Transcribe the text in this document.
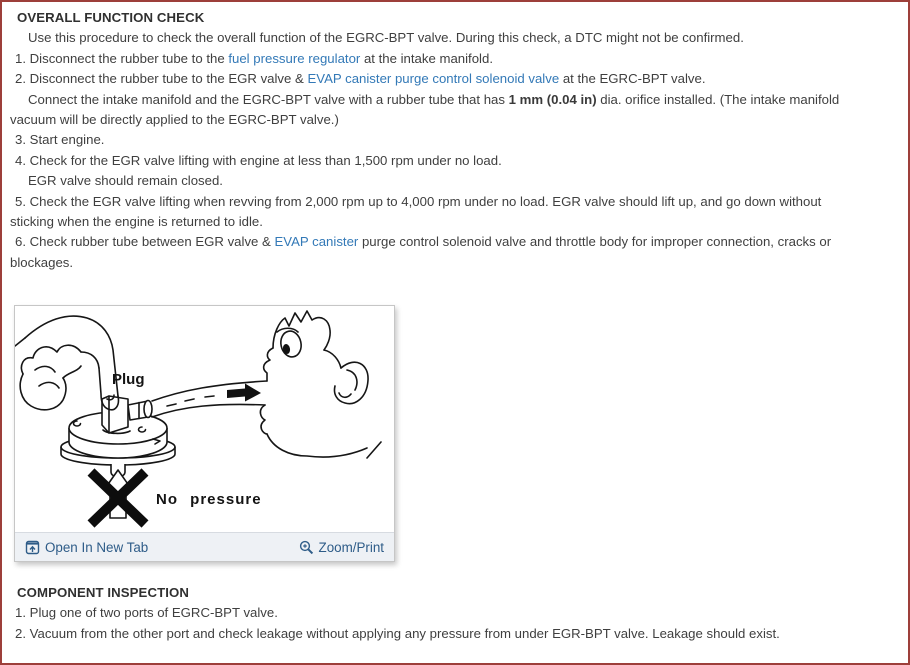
OVERALL FUNCTION CHECK
Use this procedure to check the overall function of the EGRC-BPT valve. During this check, a DTC might not be confirmed.
1. Disconnect the rubber tube to the fuel pressure regulator at the intake manifold.
2. Disconnect the rubber tube to the EGR valve & EVAP canister purge control solenoid valve at the EGRC-BPT valve.
Connect the intake manifold and the EGRC-BPT valve with a rubber tube that has 1 mm (0.04 in) dia. orifice installed. (The intake manifold
vacuum will be directly applied to the EGRC-BPT valve.)
3. Start engine.
4. Check for the EGR valve lifting with engine at less than 1,500 rpm under no load.
EGR valve should remain closed.
5. Check the EGR valve lifting when revving from 2,000 rpm up to 4,000 rpm under no load. EGR valve should lift up, and go down without
sticking when the engine is returned to idle.
6. Check rubber tube between EGR valve & EVAP canister purge control solenoid valve and throttle body for improper connection, cracks or
blockages.
Plug
No pressure
Open In New Tab	Zoom/Print
COMPONENT INSPECTION
1. Plug one of two ports of EGRC-BPT valve.
2. Vacuum from the other port and check leakage without applying any pressure from under EGR-BPT valve. Leakage should exist.
